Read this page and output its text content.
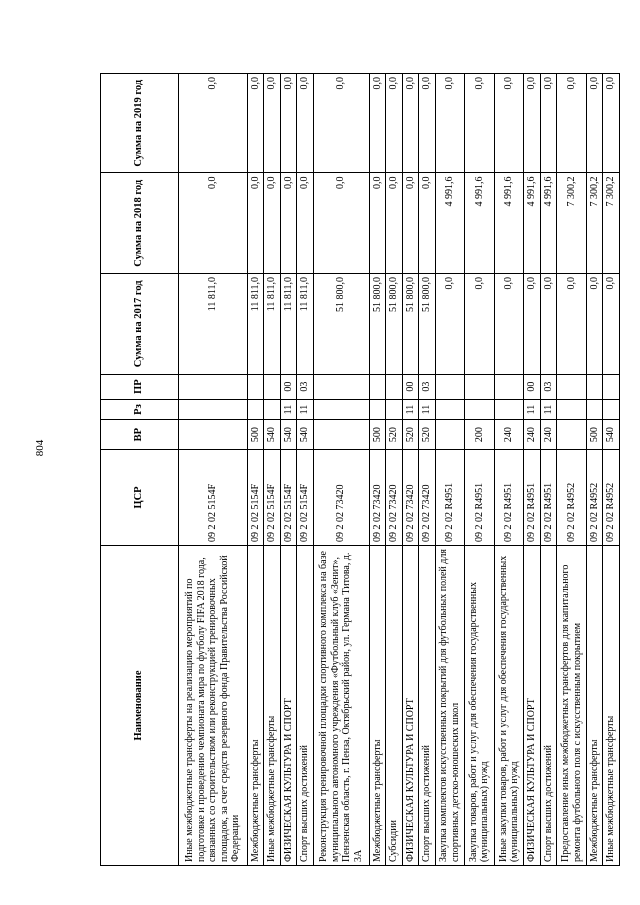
804
Наименование	ЦСР	ВР	Рз	ПР	Сумма на 2017 год	Сумма на 2018 год	Сумма на 2019 год
Иные межбюджетные трансферты на реализацию мероприятий по подготовке и проведению чемпионата мира по футболу FIFA 2018 года, связанных со строительством или реконструкцией тренировочных площадок, за счет средств резервного фонда Правительства Российской Федерации	09 2 02 5154F				11 811,0	0,0	0,0
Межбюджетные трансферты	09 2 02 5154F	500			11 811,0	0,0	0,0
Иные межбюджетные трансферты	09 2 02 5154F	540			11 811,0	0,0	0,0
ФИЗИЧЕСКАЯ КУЛЬТУРА И СПОРТ	09 2 02 5154F	540	11	00	11 811,0	0,0	0,0
Спорт высших достижений	09 2 02 5154F	540	11	03	11 811,0	0,0	0,0
Реконструкция тренировочной площадки спортивного комплекса на базе муниципального автономного учреждения «Футбольный клуб «Зенит», Пензенская область, г. Пенза, Октябрьский район, ул. Германа Титова, д. 3А	09 2 02 73420				51 800,0	0,0	0,0
Межбюджетные трансферты	09 2 02 73420	500			51 800,0	0,0	0,0
Субсидии	09 2 02 73420	520			51 800,0	0,0	0,0
ФИЗИЧЕСКАЯ КУЛЬТУРА И СПОРТ	09 2 02 73420	520	11	00	51 800,0	0,0	0,0
Спорт высших достижений	09 2 02 73420	520	11	03	51 800,0	0,0	0,0
Закупка комплектов искусственных покрытий для футбольных полей для спортивных детско-юношеских школ	09 2 02 R4951				0,0	4 991,6	0,0
Закупка товаров, работ и услуг для обеспечения государственных (муниципальных) нужд	09 2 02 R4951	200			0,0	4 991,6	0,0
Иные закупки товаров, работ и услуг для обеспечения государственных (муниципальных) нужд	09 2 02 R4951	240			0,0	4 991,6	0,0
ФИЗИЧЕСКАЯ КУЛЬТУРА И СПОРТ	09 2 02 R4951	240	11	00	0,0	4 991,6	0,0
Спорт высших достижений	09 2 02 R4951	240	11	03	0,0	4 991,6	0,0
Предоставление иных межбюджетных трансфертов для капитального ремонта футбольного поля с искусственным покрытием	09 2 02 R4952				0,0	7 300,2	0,0
Межбюджетные трансферты	09 2 02 R4952	500			0,0	7 300,2	0,0
Иные межбюджетные трансферты	09 2 02 R4952	540			0,0	7 300,2	0,0
